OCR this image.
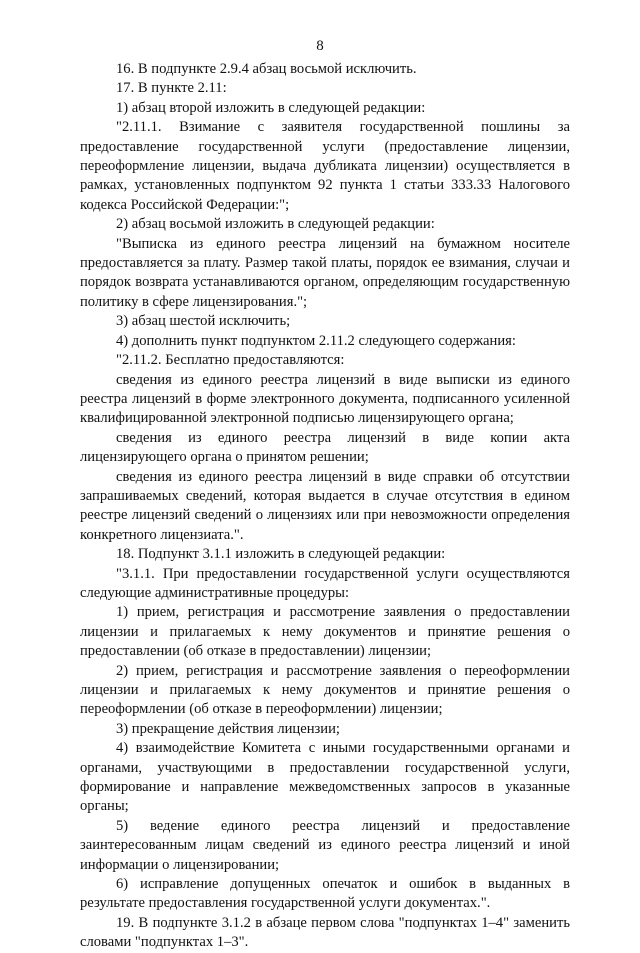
8

16. В подпункте 2.9.4 абзац восьмой исключить.

17. В пункте 2.11:

1) абзац второй изложить в следующей редакции:

"2.11.1. Взимание с заявителя государственной пошлины за предоставление государственной услуги (предоставление лицензии, переоформление лицензии, выдача дубликата лицензии) осуществляется в рамках, установленных подпунктом 92 пункта 1 статьи 333.33 Налогового кодекса Российской Федерации:";

2) абзац восьмой изложить в следующей редакции:

"Выписка из единого реестра лицензий на бумажном носителе предоставляется за плату. Размер такой платы, порядок ее взимания, случаи и порядок возврата устанавливаются органом, определяющим государственную политику в сфере лицензирования.";

3) абзац шестой исключить;

4) дополнить пункт подпунктом 2.11.2 следующего содержания:

"2.11.2. Бесплатно предоставляются:

сведения из единого реестра лицензий в виде выписки из единого реестра лицензий в форме электронного документа, подписанного усиленной квалифицированной электронной подписью лицензирующего органа;

сведения из единого реестра лицензий в виде копии акта лицензирующего органа о принятом решении;

сведения из единого реестра лицензий в виде справки об отсутствии запрашиваемых сведений, которая выдается в случае отсутствия в едином реестре лицензий сведений о лицензиях или при невозможности определения конкретного лицензиата.".

18. Подпункт 3.1.1 изложить в следующей редакции:

"3.1.1. При предоставлении государственной услуги осуществляются следующие административные процедуры:

1) прием, регистрация и рассмотрение заявления о предоставлении лицензии и прилагаемых к нему документов и принятие решения о предоставлении (об отказе в предоставлении) лицензии;

2) прием, регистрация и рассмотрение заявления о переоформлении лицензии и прилагаемых к нему документов и принятие решения о переоформлении (об отказе в переоформлении) лицензии;

3) прекращение действия лицензии;

4) взаимодействие Комитета с иными государственными органами и органами, участвующими в предоставлении государственной услуги, формирование и направление межведомственных запросов в указанные органы;

5) ведение единого реестра лицензий и предоставление заинтересованным лицам сведений из единого реестра лицензий и иной информации о лицензировании;

6) исправление допущенных опечаток и ошибок в выданных в результате предоставления государственной услуги документах.".

19. В подпункте 3.1.2 в абзаце первом слова "подпунктах 1–4" заменить словами "подпунктах 1–3".
